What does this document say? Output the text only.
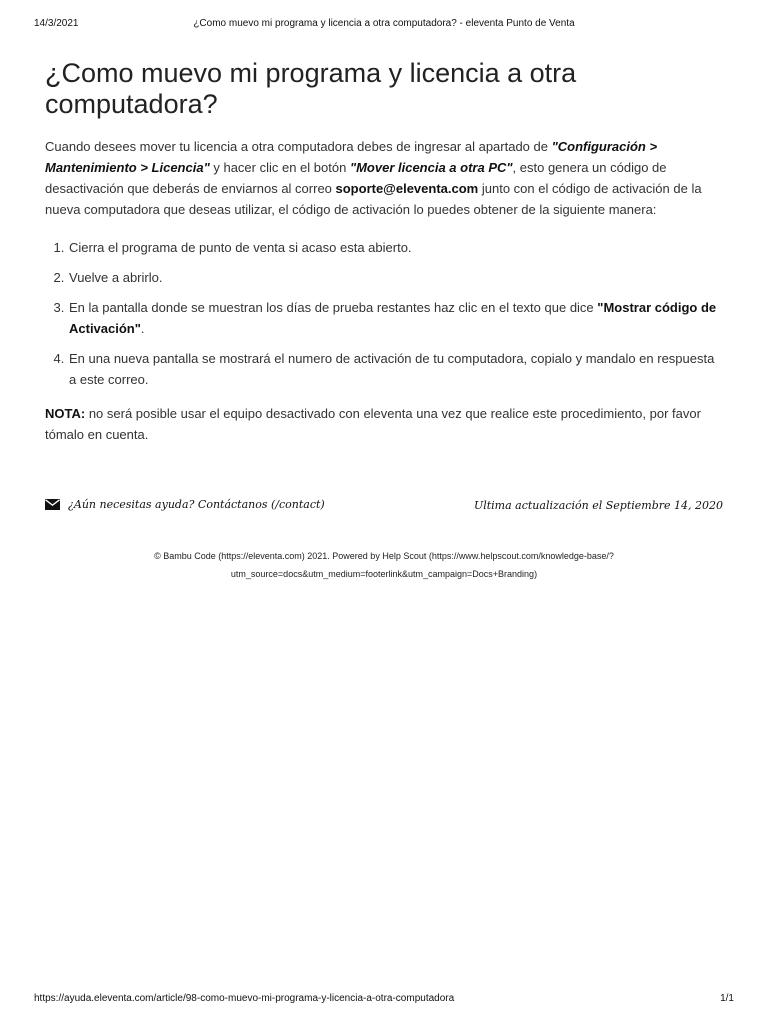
14/3/2021	¿Como muevo mi programa y licencia a otra computadora? - eleventa Punto de Venta
¿Como muevo mi programa y licencia a otra computadora?

Cuando desees mover tu licencia a otra computadora debes de ingresar al apartado de "Configuración > Mantenimiento > Licencia" y hacer clic en el botón "Mover licencia a otra PC", esto genera un código de desactivación que deberás de enviarnos al correo soporte@eleventa.com junto con el código de activación de la nueva computadora que deseas utilizar, el código de activación lo puedes obtener de la siguiente manera:

1. Cierra el programa de punto de venta si acaso esta abierto.
2. Vuelve a abrirlo.
3. En la pantalla donde se muestran los días de prueba restantes haz clic en el texto que dice "Mostrar código de Activación".
4. En una nueva pantalla se mostrará el numero de activación de tu computadora, copialo y mandalo en respuesta a este correo.

NOTA: no será posible usar el equipo desactivado con eleventa una vez que realice este procedimiento, por favor tómalo en cuenta.

¿Aún necesitas ayuda? Contáctanos (/contact)	Ultima actualización el Septiembre 14, 2020
© Bambu Code (https://eleventa.com) 2021. Powered by Help Scout (https://www.helpscout.com/knowledge-base/?
utm_source=docs&utm_medium=footerlink&utm_campaign=Docs+Branding)
https://ayuda.eleventa.com/article/98-como-muevo-mi-programa-y-licencia-a-otra-computadora	1/1
